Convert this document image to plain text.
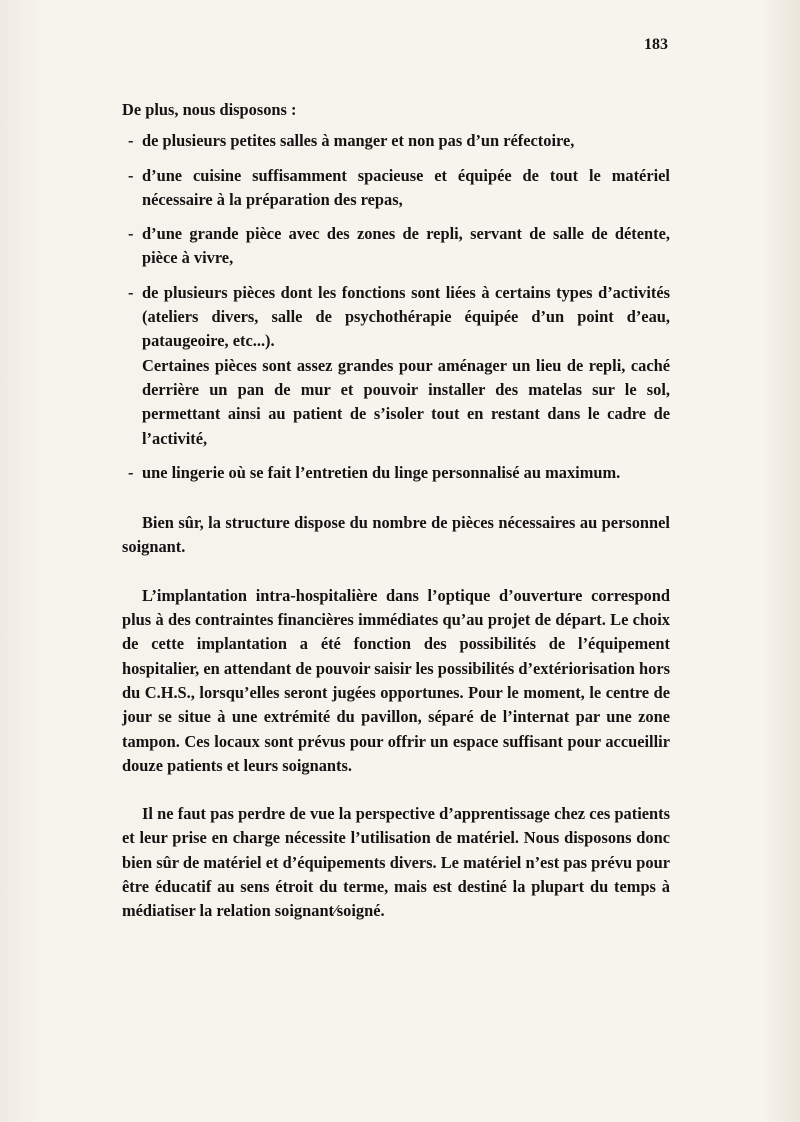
183

De plus, nous disposons :

- de plusieurs petites salles à manger et non pas d’un réfectoire,

- d’une cuisine suffisamment spacieuse et équipée de tout le matériel nécessaire à la préparation des repas,

- d’une grande pièce avec des zones de repli, servant de salle de détente, pièce à vivre,

- de plusieurs pièces dont les fonctions sont liées à certains types d’activités (ateliers divers, salle de psychothérapie équipée d’un point d’eau, pataugeoire, etc...).

Certaines pièces sont assez grandes pour aménager un lieu de repli, caché derrière un pan de mur et pouvoir installer des matelas sur le sol, permettant ainsi au patient de s’isoler tout en restant dans le cadre de l’activité,

- une lingerie où se fait l’entretien du linge personnalisé au maximum.

Bien sûr, la structure dispose du nombre de pièces nécessaires au personnel soignant.

L’implantation intra-hospitalière dans l’optique d’ouverture correspond plus à des contraintes financières immédiates qu’au projet de départ. Le choix de cette implantation a été fonction des possibilités de l’équipement hospitalier, en attendant de pouvoir saisir les possibilités d’extériorisation hors du C.H.S., lorsqu’elles seront jugées opportunes. Pour le moment, le centre de jour se situe à une extrémité du pavillon, séparé de l’internat par une zone tampon. Ces locaux sont prévus pour offrir un espace suffisant pour accueillir douze patients et leurs soignants.

Il ne faut pas perdre de vue la perspective d’apprentissage chez ces patients et leur prise en charge nécessite l’utilisation de matériel. Nous disposons donc bien sûr de matériel et d’équipements divers. Le matériel n’est pas prévu pour être éducatif au sens étroit du terme, mais est destiné la plupart du temps à médiatiser la relation soignant⁄soigné.
